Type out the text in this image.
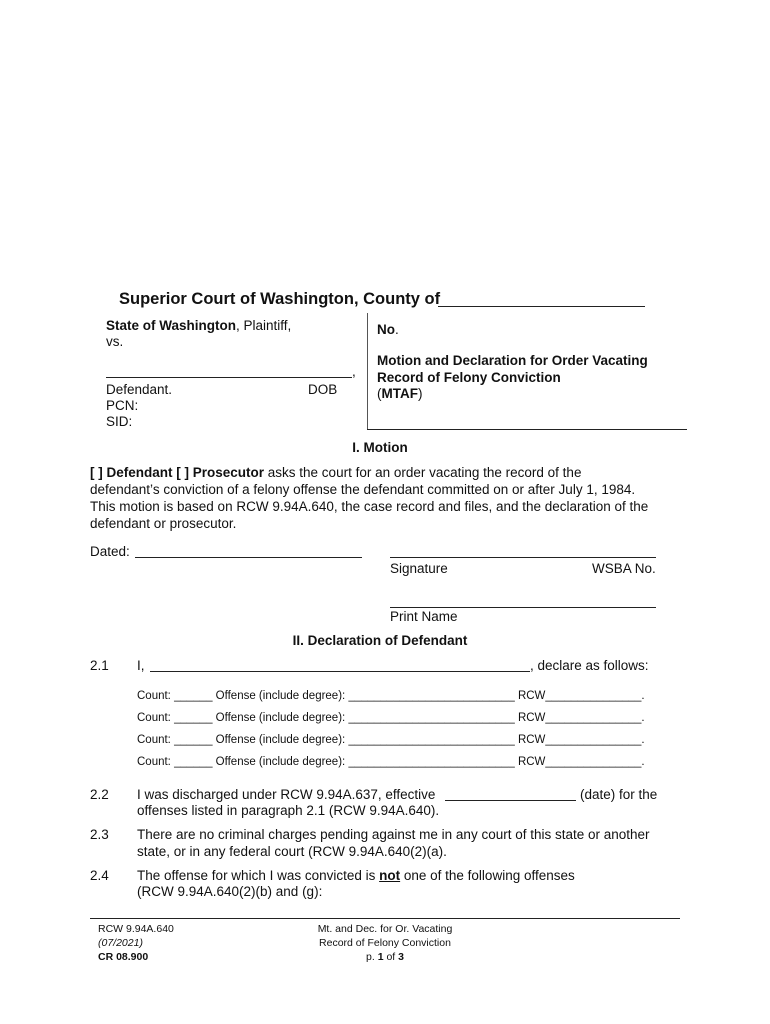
Superior Court of Washington, County of
State of Washington, Plaintiff,
vs.
,
Defendant.	DOB
PCN:
SID:
No.
Motion and Declaration for Order Vacating
Record of Felony Conviction
(MTAF)
I. Motion
[ ] Defendant [ ] Prosecutor asks the court for an order vacating the record of the
defendant’s conviction of a felony offense the defendant committed on or after July 1, 1984.
This motion is based on RCW 9.94A.640, the case record and files, and the declaration of the
defendant or prosecutor.
Dated:
Signature	WSBA No.
Print Name
II. Declaration of Defendant
2.1 I,	, declare as follows:
Count: ______ Offense (include degree): __________________________ RCW_______________.
Count: ______ Offense (include degree): __________________________ RCW_______________.
Count: ______ Offense (include degree): __________________________ RCW_______________.
Count: ______ Offense (include degree): __________________________ RCW_______________.
2.2 I was discharged under RCW 9.94A.637, effective	(date) for the
offenses listed in paragraph 2.1 (RCW 9.94A.640).
2.3 There are no criminal charges pending against me in any court of this state or another
state, or in any federal court (RCW 9.94A.640(2)(a).
2.4 The offense for which I was convicted is not one of the following offenses
(RCW 9.94A.640(2)(b) and (g):
RCW 9.94A.640
(07/2021)
CR 08.900
Mt. and Dec. for Or. Vacating
Record of Felony Conviction
p. 1 of 3
